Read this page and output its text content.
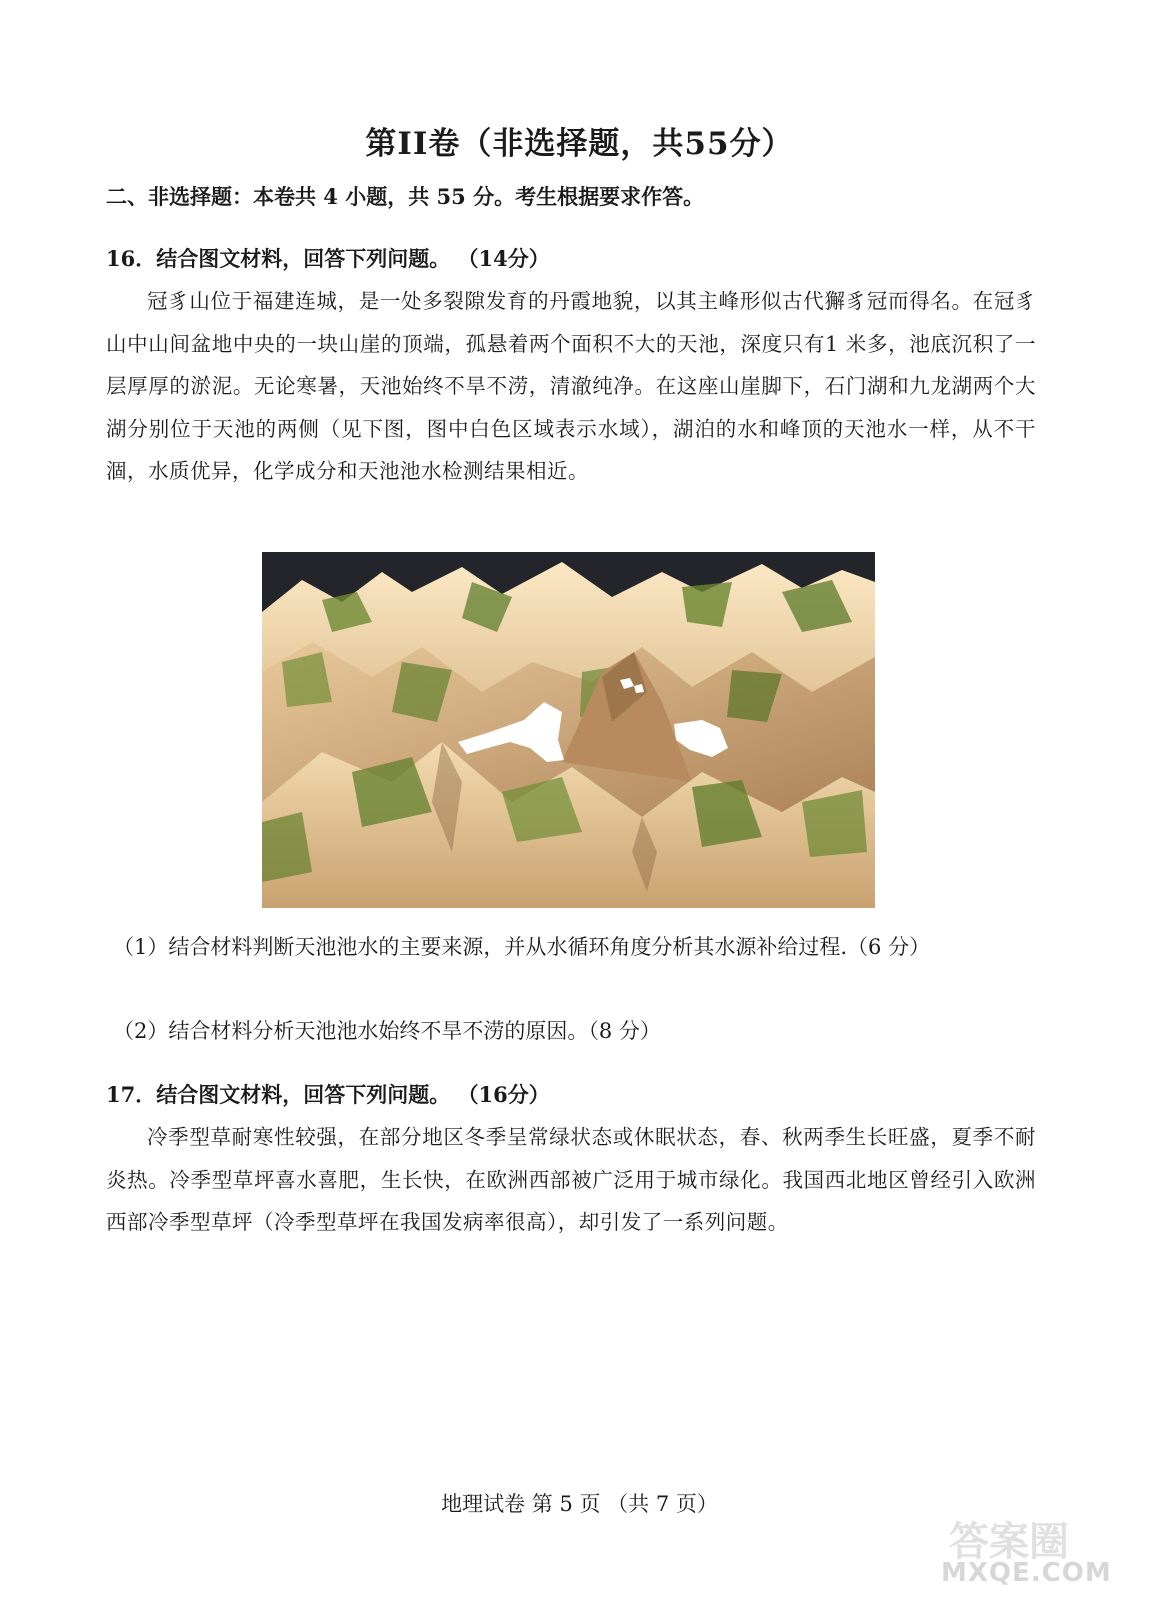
第II卷（非选择题，共55分）
二、非选择题：本卷共 4 小题，共 55 分。考生根据要求作答。
16．结合图文材料，回答下列问题。 （14分）
冠豸山位于福建连城，是一处多裂隙发育的丹霞地貌，以其主峰形似古代獬豸冠而得名。在冠豸山中山间盆地中央的一块山崖的顶端，孤悬着两个面积不大的天池，深度只有1 米多，池底沉积了一层厚厚的淤泥。无论寒暑，天池始终不旱不涝，清澈纯净。在这座山崖脚下，石门湖和九龙湖两个大湖分别位于天池的两侧（见下图，图中白色区域表示水域），湖泊的水和峰顶的天池水一样，从不干涸，水质优异，化学成分和天池池水检测结果相近。
（1）结合材料判断天池池水的主要来源，并从水循环角度分析其水源补给过程.（6 分）
（2）结合材料分析天池池水始终不旱不涝的原因。（8 分）
17．结合图文材料，回答下列问题。 （16分）
冷季型草耐寒性较强，在部分地区冬季呈常绿状态或休眠状态，春、秋两季生长旺盛，夏季不耐炎热。冷季型草坪喜水喜肥，生长快，在欧洲西部被广泛用于城市绿化。我国西北地区曾经引入欧洲西部冷季型草坪（冷季型草坪在我国发病率很高），却引发了一系列问题。
地理试卷 第 5 页 （共 7 页）
答案圈
MXQE.COM
